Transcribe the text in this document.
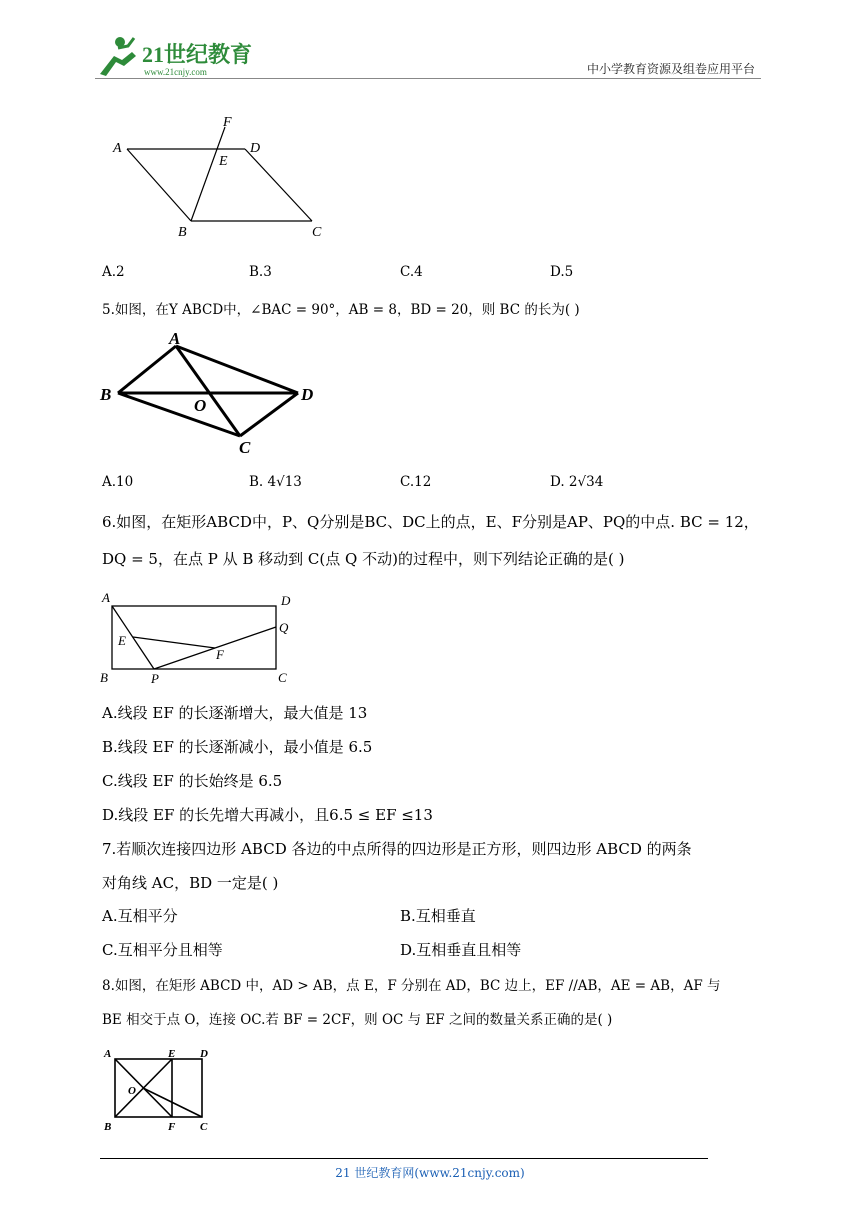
21世纪教育
www.21cnjy.com	中小学教育资源及组卷应用平台
A
F
D
E
B	C
A.2	B.3	C.4	D.5
5.如图，在Y ABCD中，∠BAC = 90°，AB = 8，BD = 20，则 BC 的长为( )
A
B
O
D
C
A.10	B. 4√13	C.12	D. 2√34
6.如图，在矩形ABCD中，P、Q分别是BC、DC上的点，E、F分别是AP、PQ的中点. BC = 12，
DQ = 5，在点 P 从 B 移动到 C(点 Q 不动)的过程中，则下列结论正确的是( )
A	D
Q
E
F
B	P	C
A.线段 EF 的长逐渐增大，最大值是 13
B.线段 EF 的长逐渐减小，最小值是 6.5
C.线段 EF 的长始终是 6.5
D.线段 EF 的长先增大再减小，且6.5 ≤ EF ≤13
7.若顺次连接四边形 ABCD 各边的中点所得的四边形是正方形，则四边形 ABCD 的两条
对角线 AC，BD 一定是( )
A.互相平分	B.互相垂直
C.互相平分且相等	D.互相垂直且相等
8.如图，在矩形 ABCD 中，AD > AB，点 E，F 分别在 AD，BC 边上，EF //AB，AE = AB，AF 与
BE 相交于点 O，连接 OC.若 BF = 2CF，则 OC 与 EF 之间的数量关系正确的是( )
A	E D
O
B	F C
21 世纪教育网(www.21cnjy.com)
